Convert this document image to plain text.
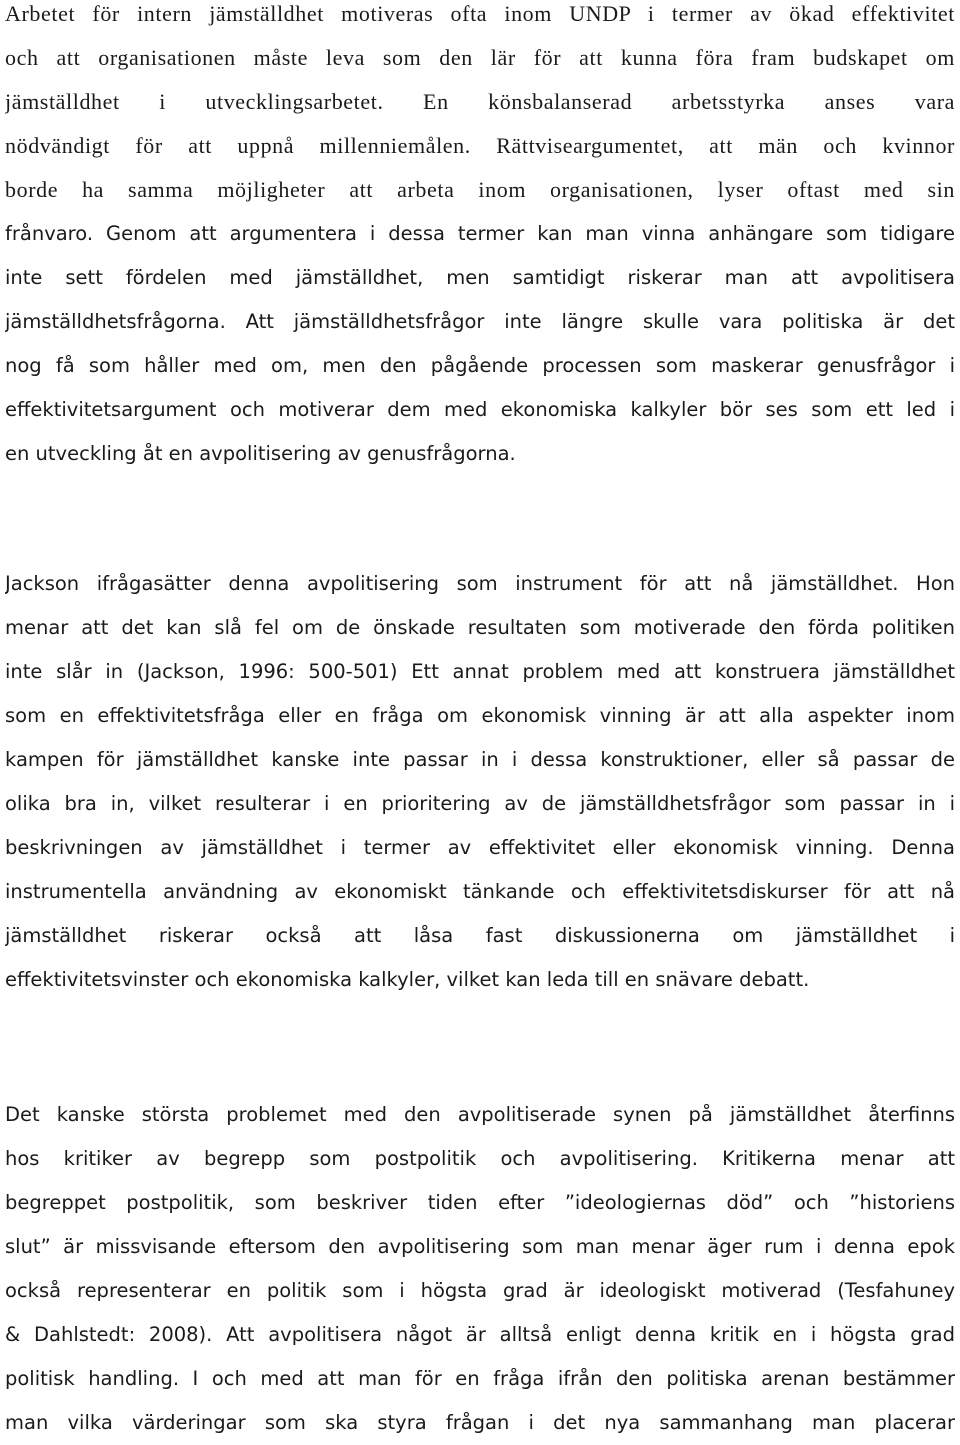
Arbetet för intern jämställdhet motiveras ofta inom UNDP i termer av ökad effektivitet
och att organisationen måste leva som den lär för att kunna föra fram budskapet om
jämställdhet i utvecklingsarbetet. En könsbalanserad arbetsstyrka anses vara
nödvändigt för att uppnå millenniemålen. Rättviseargumentet, att män och kvinnor
borde ha samma möjligheter att arbeta inom organisationen, lyser oftast med sin
frånvaro. Genom att argumentera i dessa termer kan man vinna anhängare som tidigare
inte sett fördelen med jämställdhet, men samtidigt riskerar man att avpolitisera
jämställdhetsfrågorna. Att jämställdhetsfrågor inte längre skulle vara politiska är det
nog få som håller med om, men den pågående processen som maskerar genusfrågor i
effektivitetsargument och motiverar dem med ekonomiska kalkyler bör ses som ett led i
en utveckling åt en avpolitisering av genusfrågorna.
Jackson ifrågasätter denna avpolitisering som instrument för att nå jämställdhet. Hon
menar att det kan slå fel om de önskade resultaten som motiverade den förda politiken
inte slår in (Jackson, 1996: 500-501) Ett annat problem med att konstruera jämställdhet
som en effektivitetsfråga eller en fråga om ekonomisk vinning är att alla aspekter inom
kampen för jämställdhet kanske inte passar in i dessa konstruktioner, eller så passar de
olika bra in, vilket resulterar i en prioritering av de jämställdhetsfrågor som passar in i
beskrivningen av jämställdhet i termer av effektivitet eller ekonomisk vinning. Denna
instrumentella användning av ekonomiskt tänkande och effektivitetsdiskurser för att nå
jämställdhet riskerar också att låsa fast diskussionerna om jämställdhet i
effektivitetsvinster och ekonomiska kalkyler, vilket kan leda till en snävare debatt.
Det kanske största problemet med den avpolitiserade synen på jämställdhet återfinns
hos kritiker av begrepp som postpolitik och avpolitisering. Kritikerna menar att
begreppet postpolitik, som beskriver tiden efter ”ideologiernas död” och ”historiens
slut” är missvisande eftersom den avpolitisering som man menar äger rum i denna epok
också representerar en politik som i högsta grad är ideologiskt motiverad (Tesfahuney
& Dahlstedt: 2008). Att avpolitisera något är alltså enligt denna kritik en i högsta grad
politisk handling. I och med att man för en fråga ifrån den politiska arenan bestämmer
man vilka värderingar som ska styra frågan i det nya sammanhang man placerar
